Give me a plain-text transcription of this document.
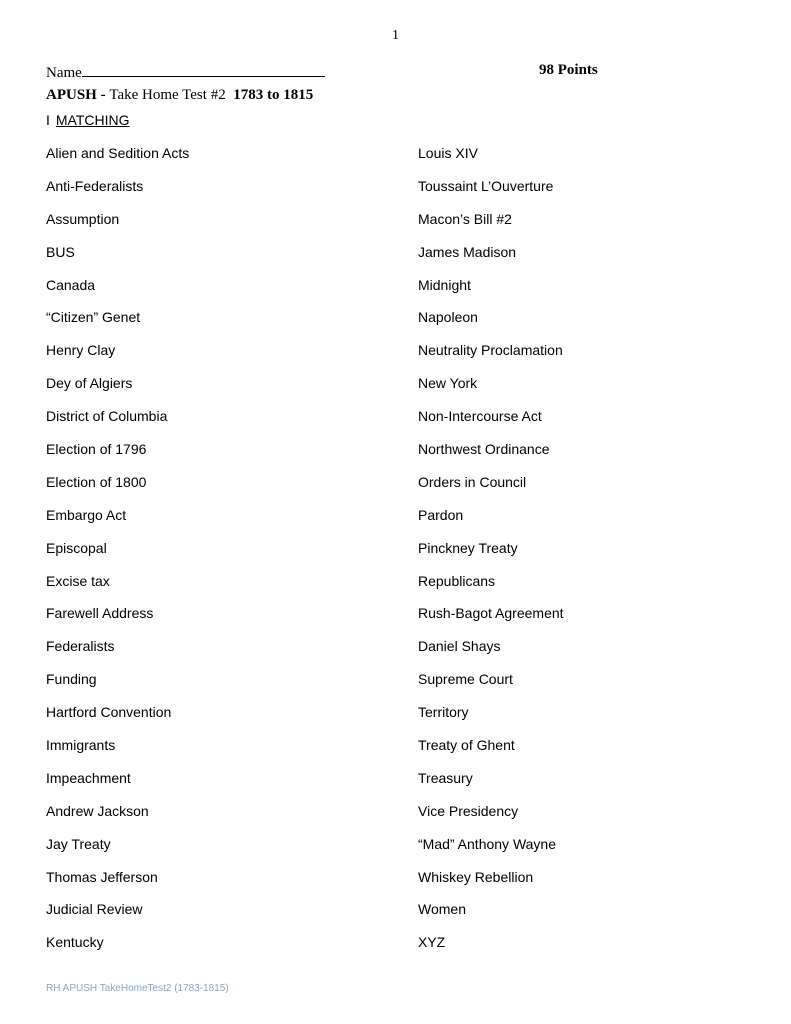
1
Name	98 Points
APUSH - Take Home Test #2 1783 to 1815
I MATCHING
Alien and Sedition Acts
Anti-Federalists
Assumption
BUS
Canada
“Citizen” Genet
Henry Clay
Dey of Algiers
District of Columbia
Election of 1796
Election of 1800
Embargo Act
Episcopal
Excise tax
Farewell Address
Federalists
Funding
Hartford Convention
Immigrants
Impeachment
Andrew Jackson
Jay Treaty
Thomas Jefferson
Judicial Review
Kentucky
Louis XIV
Toussaint L’Ouverture
Macon’s Bill #2
James Madison
Midnight
Napoleon
Neutrality Proclamation
New York
Non-Intercourse Act
Northwest Ordinance
Orders in Council
Pardon
Pinckney Treaty
Republicans
Rush-Bagot Agreement
Daniel Shays
Supreme Court
Territory
Treaty of Ghent
Treasury
Vice Presidency
“Mad” Anthony Wayne
Whiskey Rebellion
Women
XYZ
RH APUSH TakeHomeTest2 (1783-1815)
